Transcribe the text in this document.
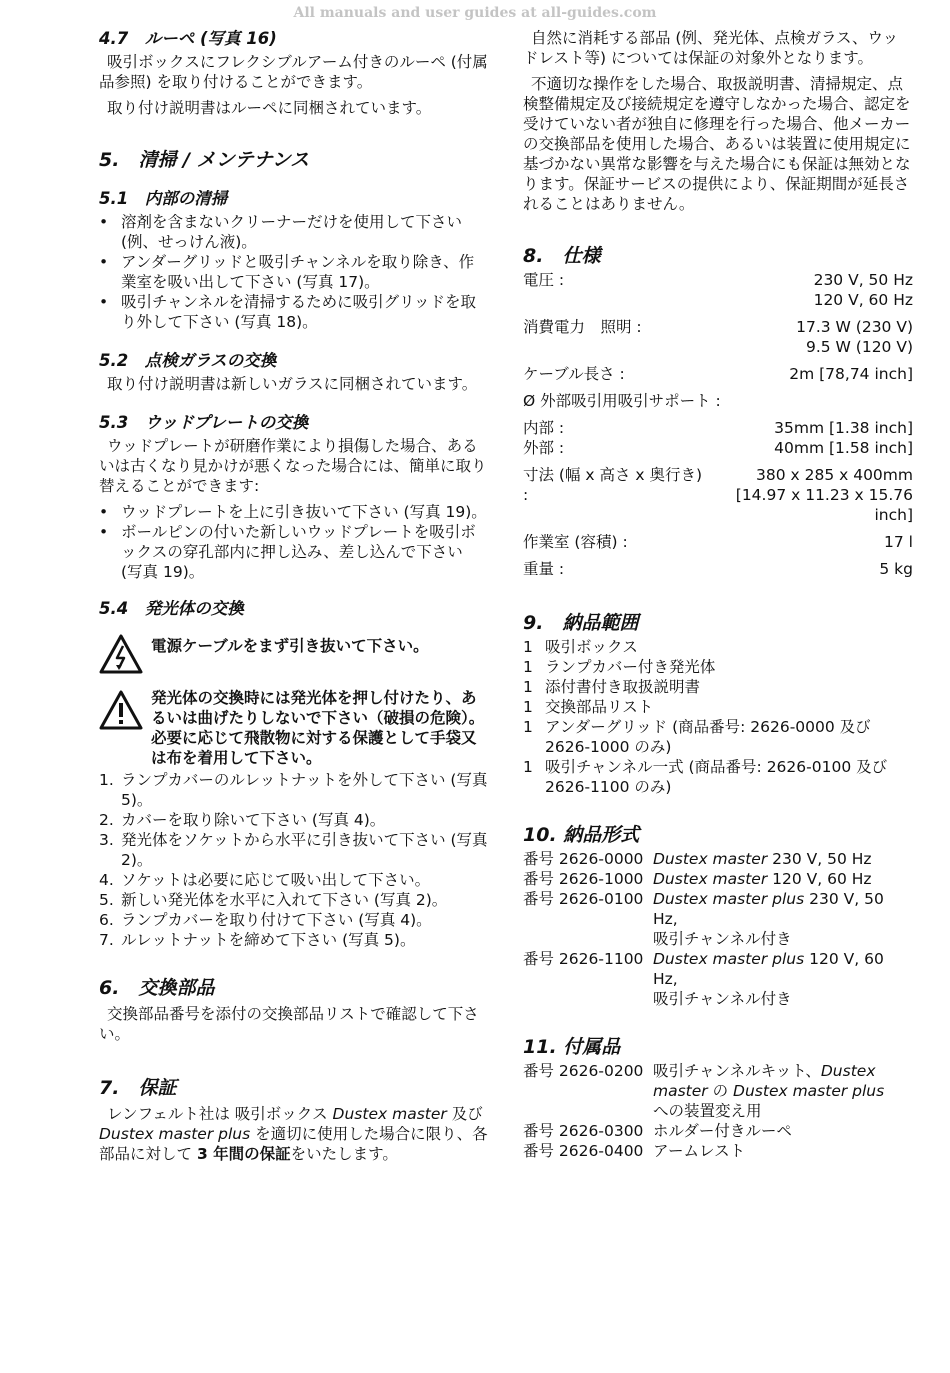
All manuals and user guides at all-guides.com
4.7　ルーペ (写真 16)

吸引ボックスにフレクシブルアーム付きのルーペ (付属品参照) を取り付けることができます。

取り付け説明書はルーペに同梱されています。

5.　清掃 / メンテナンス
5.1　内部の清掃
• 溶剤を含まないクリーナーだけを使用して下さい (例、せっけん液)。
• アンダーグリッドと吸引チャンネルを取り除き、作業室を吸い出して下さい (写真 17)。
• 吸引チャンネルを清掃するために吸引グリッドを取り外して下さい (写真 18)。
5.2　点検ガラスの交換

取り付け説明書は新しいガラスに同梱されています。

5.3　ウッドプレートの交換

ウッドプレートが研磨作業により損傷した場合、あるいは古くなり見かけが悪くなった場合には、簡単に取り替えることができます:

• ウッドプレートを上に引き抜いて下さい (写真 19)。
• ボールピンの付いた新しいウッドプレートを吸引ボックスの穿孔部内に押し込み、差し込んで下さい (写真 19)。
5.4　発光体の交換
電源ケーブルをまず引き抜いて下さい。
発光体の交換時には発光体を押し付けたり、あるいは曲げたりしないで下さい（破損の危険）。 必要に応じて飛散物に対する保護として手袋又は布を着用して下さい。
1. ランプカバーのルレットナットを外して下さい (写真 5)。
2. カバーを取り除いて下さい (写真 4)。
3. 発光体をソケットから水平に引き抜いて下さい (写真 2)。
4. ソケットは必要に応じて吸い出して下さい。
5. 新しい発光体を水平に入れて下さい (写真 2)。
6. ランプカバーを取り付けて下さい (写真 4)。
7. ルレットナットを締めて下さい (写真 5)。
6.　交換部品

交換部品番号を添付の交換部品リストで確認して下さい。

7.　保証

レンフェルト社は 吸引ボックス Dustex master 及び Dustex master plus を適切に使用した場合に限り、各部品に対して 3 年間の保証をいたします。

自然に消耗する部品 (例、発光体、点検ガラス、ウッドレスト等) については保証の対象外となります。

不適切な操作をした場合、取扱説明書、清掃規定、点検整備規定及び接続規定を遵守しなかった場合、認定を受けていない者が独自に修理を行った場合、他メーカーの交換部品を使用した場合、あるいは装置に使用規定に基づかない異常な影響を与えた場合にも保証は無効となります。保証サービスの提供により、保証期間が延長されることはありません。

8.　仕様
電圧 :	230 V, 50 Hz
120 V, 60 Hz
消費電力　照明 :	17.3 W (230 V)
9.5 W (120 V)
ケーブル長さ :	2m [78,74 inch]
Ø 外部吸引用吸引サポート :
内部 :	35mm [1.38 inch]
外部 :	40mm [1.58 inch]
寸法 (幅 x 高さ x 奥行き) :
380 x 285 x 400mm
[14.97 x 11.23 x 15.76 inch]
作業室 (容積) :	17 l
重量 :	5 kg
9.　納品範囲
1 吸引ボックス
1 ランプカバー付き発光体
1 添付書付き取扱説明書
1 交換部品リスト
1 アンダーグリッド (商品番号: 2626-0000 及び 2626-1000 のみ)
1 吸引チャンネル一式 (商品番号: 2626-0100 及び 2626-1100 のみ)
10. 納品形式
番号 2626-0000 Dustex master 230 V, 50 Hz
番号 2626-1000 Dustex master 120 V, 60 Hz
番号 2626-0100 Dustex master plus 230 V, 50 Hz,
吸引チャンネル付き
番号 2626-1100 Dustex master plus 120 V, 60 Hz,
吸引チャンネル付き
11. 付属品
番号 2626-0200 吸引チャンネルキット、Dustex master の Dustex master plus
への装置変え用
番号 2626-0300 ホルダー付きルーペ
番号 2626-0400 アームレスト
